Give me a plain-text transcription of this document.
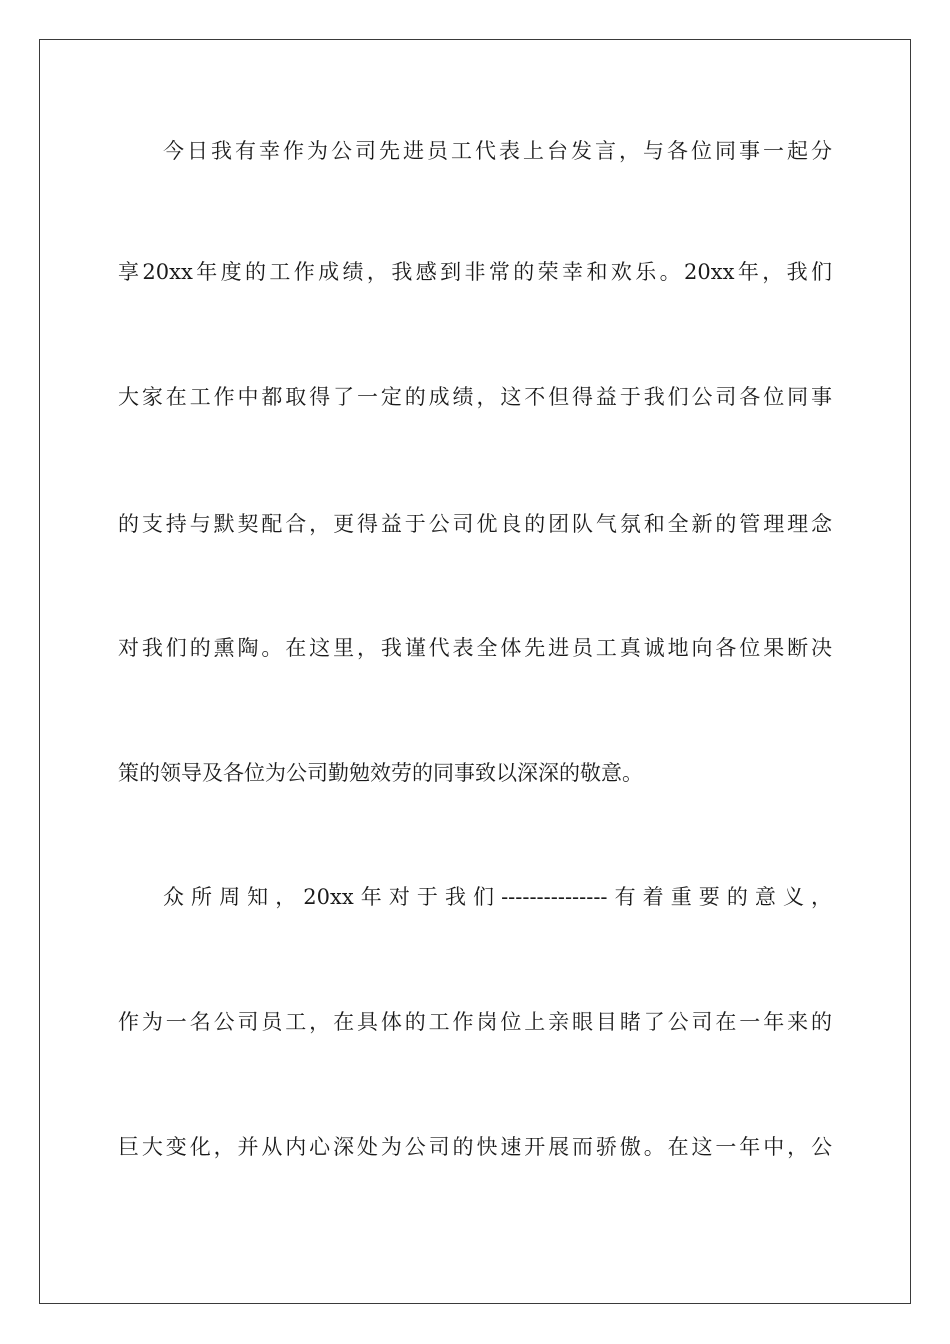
今日我有幸作为公司先进员工代表上台发言，与各位同事一起分
享20xx年度的工作成绩，我感到非常的荣幸和欢乐。20xx年，我们
大家在工作中都取得了一定的成绩，这不但得益于我们公司各位同事
的支持与默契配合，更得益于公司优良的团队气氛和全新的管理理念
对我们的熏陶。在这里，我谨代表全体先进员工真诚地向各位果断决
策的领导及各位为公司勤勉效劳的同事致以深深的敬意。
众所周知，20xx年对于我们---------------有着重要的意义，
作为一名公司员工，在具体的工作岗位上亲眼目睹了公司在一年来的
巨大变化，并从内心深处为公司的快速开展而骄傲。在这一年中，公
